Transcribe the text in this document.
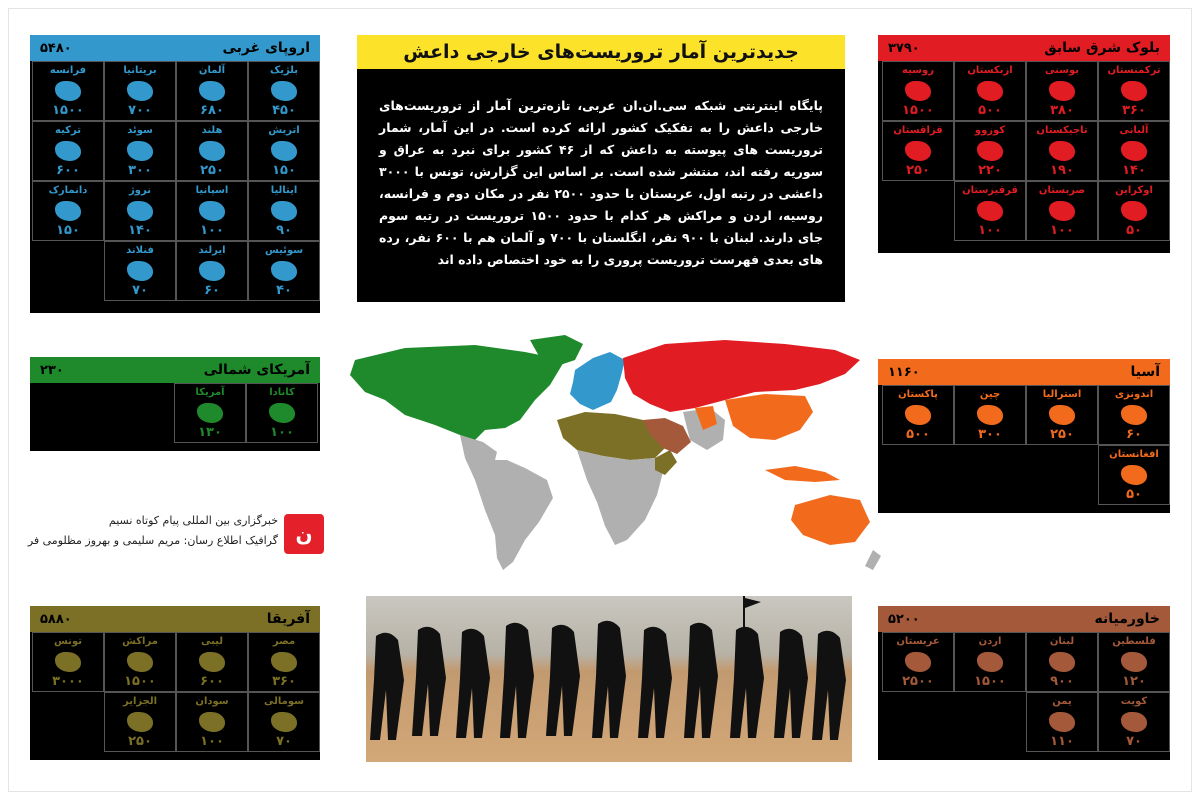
۵۴۸۰	اروپای غربی
بلژیک
۴۵۰
آلمان
۶۸۰
بریتانیا
۷۰۰
فرانسه
۱۵۰۰
اتریش
۱۵۰
هلند
۲۵۰
سوئد
۳۰۰
ترکیه
۶۰۰
ایتالیا
۹۰
اسپانیا
۱۰۰
نروژ
۱۴۰
دانمارک
۱۵۰
سوئیس
۴۰
ایرلند
۶۰
فنلاند
۷۰
۳۷۹۰	بلوک شرق سابق
ترکمنستان
۳۶۰
بوسنی
۳۸۰
ازبکستان
۵۰۰
روسیه
۱۵۰۰
آلبانی
۱۴۰
تاجیکستان
۱۹۰
کوزوو
۲۲۰
قزاقستان
۲۵۰
اوکراین
۵۰
صربستان
۱۰۰
قرقیزستان
۱۰۰
۲۳۰	آمریکای شمالی
کانادا
۱۰۰
آمریکا
۱۳۰
۱۱۶۰	آسیا
اندونزی
۶۰
استرالیا
۲۵۰
چین
۳۰۰
پاکستان
۵۰۰
افغانستان
۵۰
۵۸۸۰	آفریقا
مصر
۳۶۰
لیبی
۶۰۰
مراکش
۱۵۰۰
تونس
۳۰۰۰
سومالی
۷۰
سودان
۱۰۰
الجزایر
۲۵۰
۵۲۰۰	خاورمیانه
فلسطین
۱۲۰
لبنان
۹۰۰
اردن
۱۵۰۰
عربستان
۲۵۰۰
کویت
۷۰
یمن
۱۱۰
جدیدترین آمار تروریست‌های خارجی داعش
پایگاه اینترنتی شبکه سی.ان.ان عربی، تازه‌ترین آمار از تروریست‌های خارجی داعش را به تفکیک کشور ارائه کرده است. در این آمار، شمار تروریست های پیوسته به داعش که از ۴۶ کشور برای نبرد به عراق و سوریه رفته اند، منتشر شده است. بر اساس این گزارش، تونس با ۳۰۰۰ داعشی در رتبه اول، عربستان با حدود ۲۵۰۰ نفر در مکان دوم و فرانسه، روسیه، اردن و مراکش هر کدام با حدود ۱۵۰۰ تروریست در رتبه سوم جای دارند. لبنان با ۹۰۰ نفر، انگلستان با ۷۰۰ و آلمان هم با ۶۰۰ نفر، رده های بعدی فهرست تروریست پروری را به خود اختصاص داده اند
ن
خبرگزاری بین المللی پیام کوتاه نسیم
گرافیک اطلاع رسان: مریم سلیمی و بهروز مظلومی فر
